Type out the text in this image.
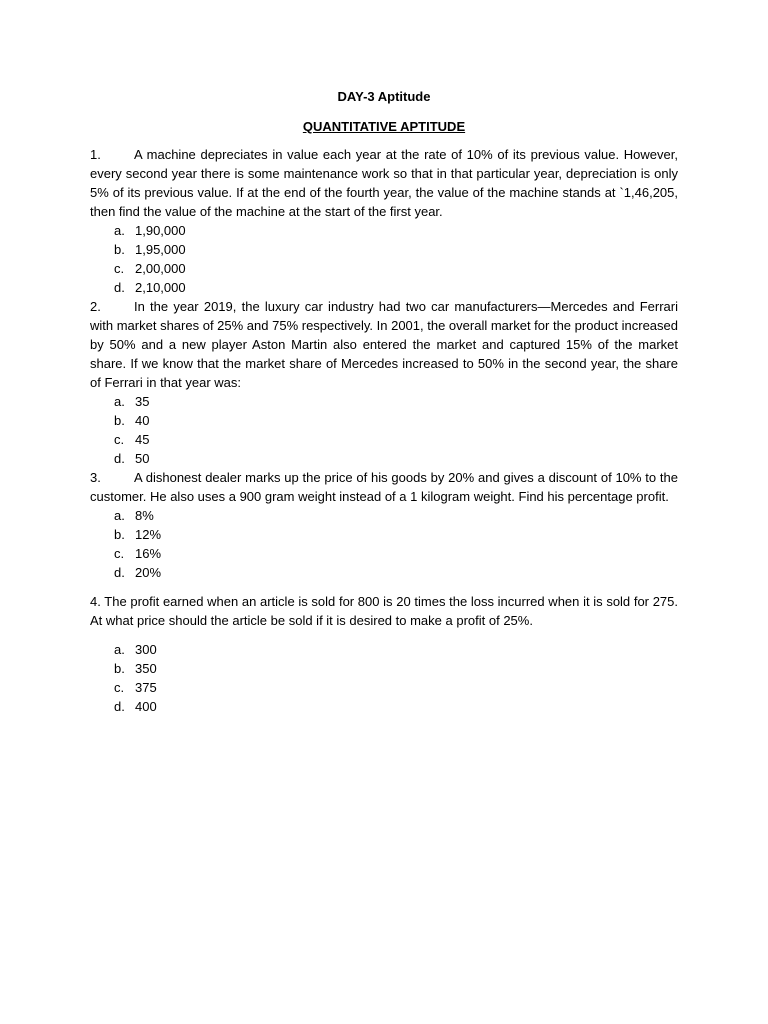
DAY-3 Aptitude
QUANTITATIVE APTITUDE
1.	A machine depreciates in value each year at the rate of 10% of its previous value. However, every second year there is some maintenance work so that in that particular year, depreciation is only 5% of its previous value. If at the end of the fourth year, the value of the machine stands at `1,46,205, then find the value of the machine at the start of the first year.
a. 1,90,000
b. 1,95,000
c. 2,00,000
d. 2,10,000
2.	In the year 2019, the luxury car industry had two car manufacturers—Mercedes and Ferrari with market shares of 25% and 75% respectively. In 2001, the overall market for the product increased by 50% and a new player Aston Martin also entered the market and captured 15% of the market share. If we know that the market share of Mercedes increased to 50% in the second year, the share of Ferrari in that year was:
a. 35
b. 40
c. 45
d. 50
3.	A dishonest dealer marks up the price of his goods by 20% and gives a discount of 10% to the customer. He also uses a 900 gram weight instead of a 1 kilogram weight. Find his percentage profit.
a. 8%
b. 12%
c. 16%
d. 20%
4. The profit earned when an article is sold for 800 is 20 times the loss incurred when it is sold for 275. At what price should the article be sold if it is desired to make a profit of 25%.
a. 300
b. 350
c. 375
d. 400
